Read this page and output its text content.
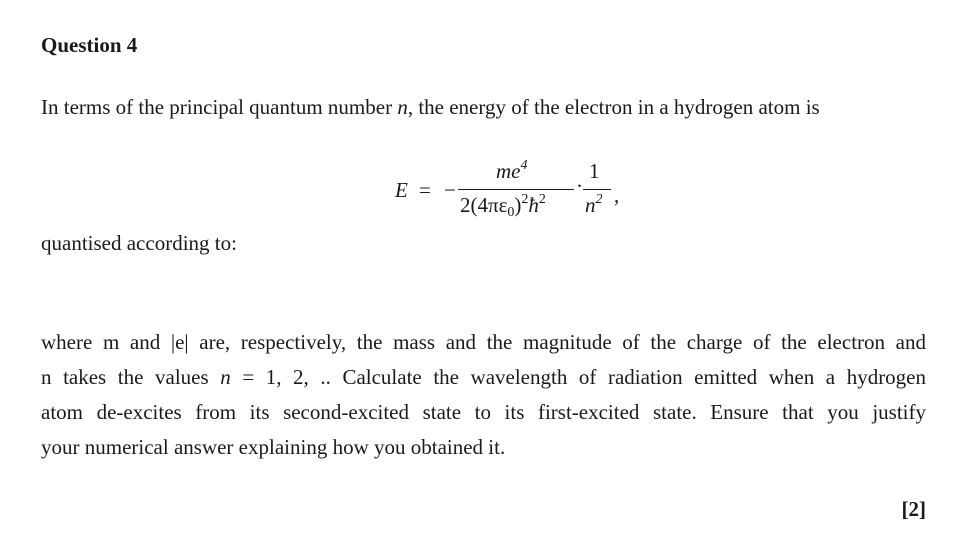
Question 4
In terms of the principal quantum number n, the energy of the electron in a hydrogen atom is
E = −
$me^4$
$2(4\pi\varepsilon_0)^2ħ^2$
·
1
$n^2$ ,
quantised according to:
where m and |e| are, respectively, the mass and the magnitude of the charge of the electron and
n takes the values n = 1, 2, .. Calculate the wavelength of radiation emitted when a hydrogen
atom de-excites from its second-excited state to its first-excited state. Ensure that you justify
your numerical answer explaining how you obtained it.
[2]
